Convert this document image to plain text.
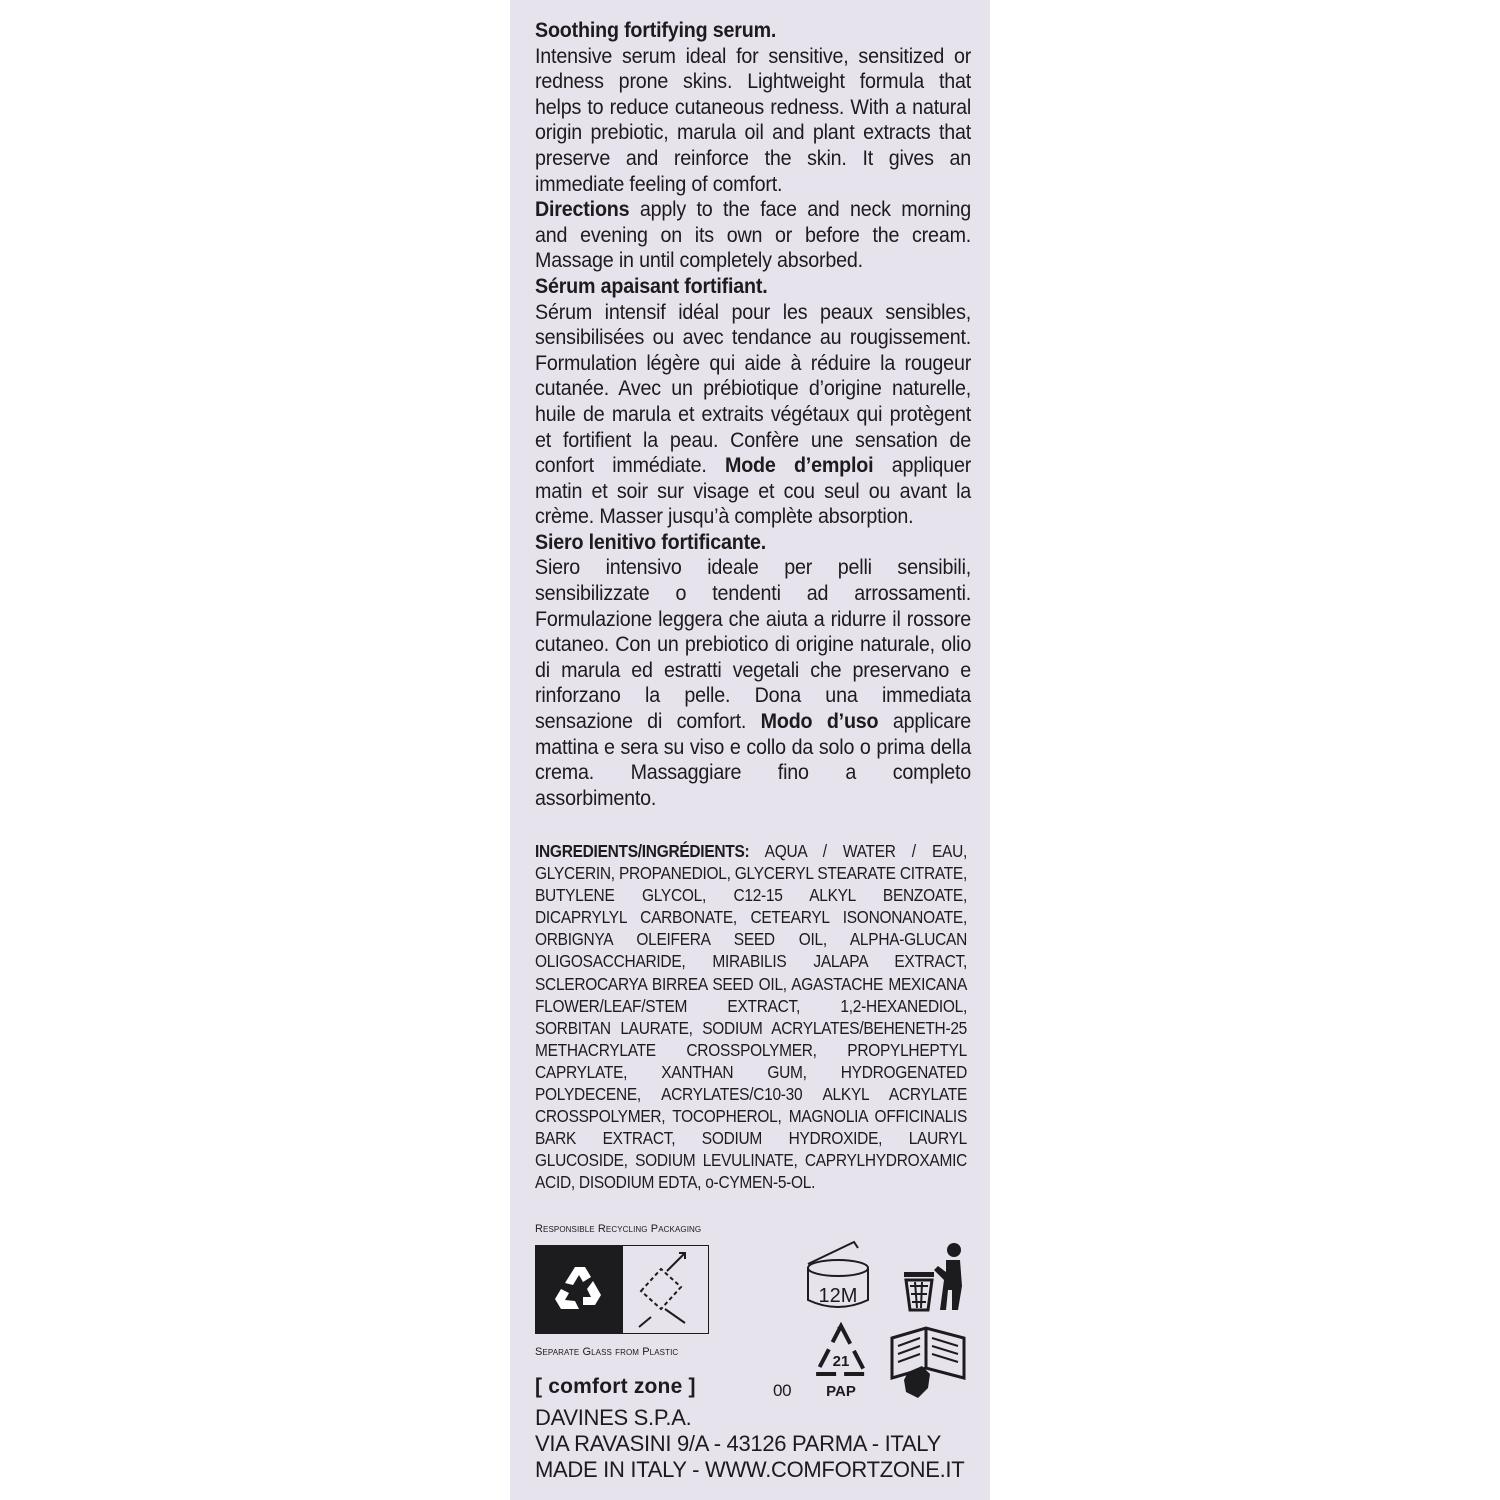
Soothing fortifying serum.
Intensive serum ideal for sensitive, sensitized or redness prone skins. Lightweight formula that helps to reduce cutaneous redness. With a natural origin prebiotic, marula oil and plant extracts that preserve and reinforce the skin. It gives an immediate feeling of comfort.
Directions apply to the face and neck morning and evening on its own or before the cream. Massage in until completely absorbed.
Sérum apaisant fortifiant.
Sérum intensif idéal pour les peaux sensibles, sensibilisées ou avec tendance au rougissement. Formulation légère qui aide à réduire la rougeur cutanée. Avec un prébiotique d’origine naturelle, huile de marula et extraits végétaux qui protègent et fortifient la peau. Confère une sensation de confort immédiate. Mode d’emploi appliquer matin et soir sur visage et cou seul ou avant la crème. Masser jusqu’à complète absorption.
Siero lenitivo fortificante.
Siero intensivo ideale per pelli sensibili, sensibilizzate o tendenti ad arrossamenti. Formulazione leggera che aiuta a ridurre il rossore cutaneo. Con un prebiotico di origine naturale, olio di marula ed estratti vegetali che preservano e rinforzano la pelle. Dona una immediata sensazione di comfort. Modo d’uso applicare mattina e sera su viso e collo da solo o prima della crema. Massaggiare fino a completo assorbimento.
INGREDIENTS/INGRÉDIENTS: AQUA / WATER / EAU, GLYCERIN, PROPANEDIOL, GLYCERYL STEARATE CITRATE, BUTYLENE GLYCOL, C12-15 ALKYL BENZOATE, DICAPRYLYL CARBONATE, CETEARYL ISONONANOATE, ORBIGNYA OLEIFERA SEED OIL, ALPHA-GLUCAN OLIGOSACCHARIDE, MIRABILIS JALAPA EXTRACT, SCLEROCARYA BIRREA SEED OIL, AGASTACHE MEXICANA FLOWER/LEAF/STEM EXTRACT, 1,2-HEXANEDIOL, SORBITAN LAURATE, SODIUM ACRYLATES/BEHENETH-25 METHACRYLATE CROSSPOLYMER, PROPYLHEPTYL CAPRYLATE, XANTHAN GUM, HYDROGENATED POLYDECENE, ACRYLATES/C10-30 ALKYL ACRYLATE CROSSPOLYMER, TOCOPHEROL, MAGNOLIA OFFICINALIS BARK EXTRACT, SODIUM HYDROXIDE, LAURYL GLUCOSIDE, SODIUM LEVULINATE, CAPRYLHYDROXAMIC ACID, DISODIUM EDTA, o-CYMEN-5-OL.
Responsible Recycling Packaging
Separate Glass from Plastic
12M
21
PAP
[ comfort zone ]	00
DAVINES S.P.A.
VIA RAVASINI 9/A - 43126 PARMA - ITALY
MADE IN ITALY - WWW.COMFORTZONE.IT
